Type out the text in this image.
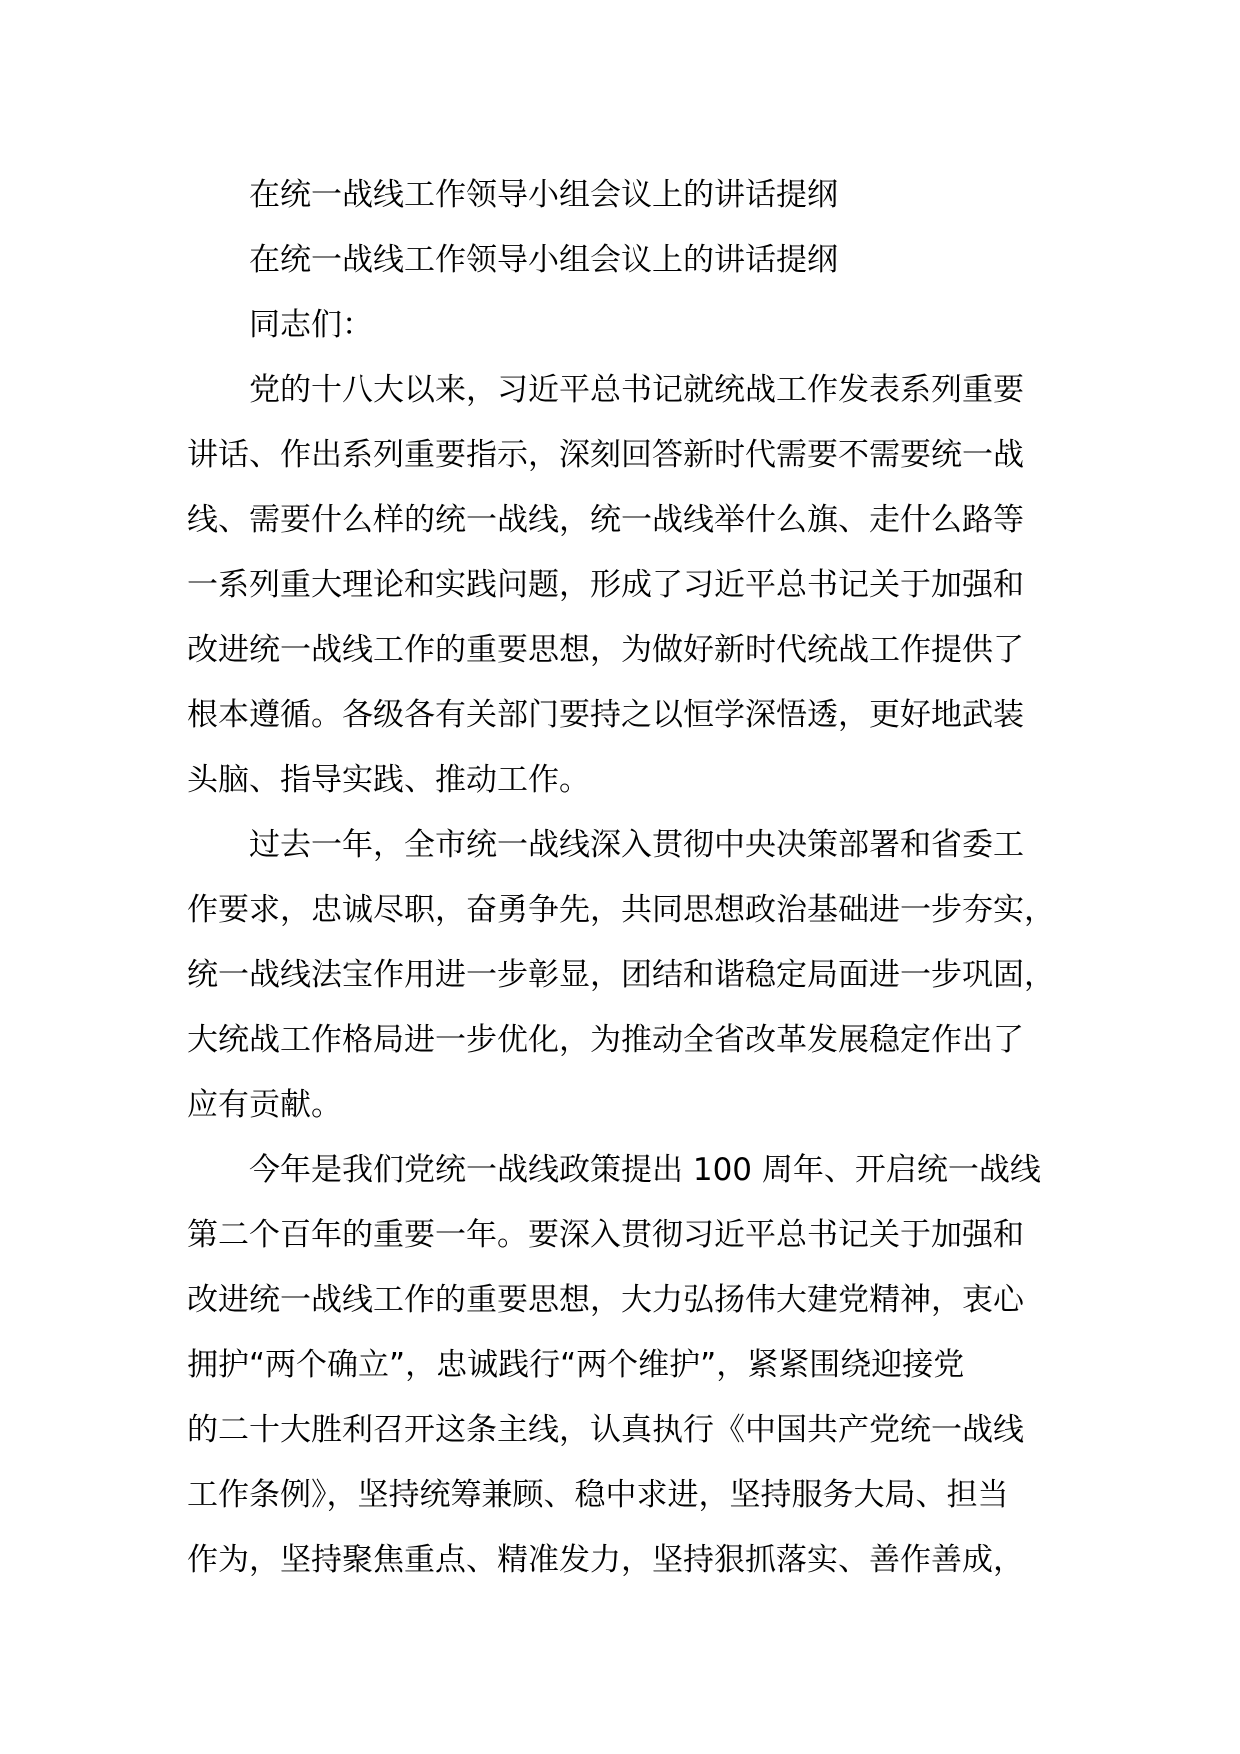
在统一战线工作领导小组会议上的讲话提纲

在统一战线工作领导小组会议上的讲话提纲

同志们：

党的十八大以来，习近平总书记就统战工作发表系列重要

讲话、作出系列重要指示，深刻回答新时代需要不需要统一战

线、需要什么样的统一战线，统一战线举什么旗、走什么路等

一系列重大理论和实践问题，形成了习近平总书记关于加强和

改进统一战线工作的重要思想，为做好新时代统战工作提供了

根本遵循。各级各有关部门要持之以恒学深悟透，更好地武装

头脑、指导实践、推动工作。

过去一年，全市统一战线深入贯彻中央决策部署和省委工

作要求，忠诚尽职，奋勇争先，共同思想政治基础进一步夯实，

统一战线法宝作用进一步彰显，团结和谐稳定局面进一步巩固，

大统战工作格局进一步优化，为推动全省改革发展稳定作出了

应有贡献。

今年是我们党统一战线政策提出 100 周年、开启统一战线

第二个百年的重要一年。要深入贯彻习近平总书记关于加强和

改进统一战线工作的重要思想，大力弘扬伟大建党精神，衷心

拥护“两个确立”，忠诚践行“两个维护”，紧紧围绕迎接党

的二十大胜利召开这条主线，认真执行《中国共产党统一战线

工作条例》，坚持统筹兼顾、稳中求进，坚持服务大局、担当

作为，坚持聚焦重点、精准发力，坚持狠抓落实、善作善成，
